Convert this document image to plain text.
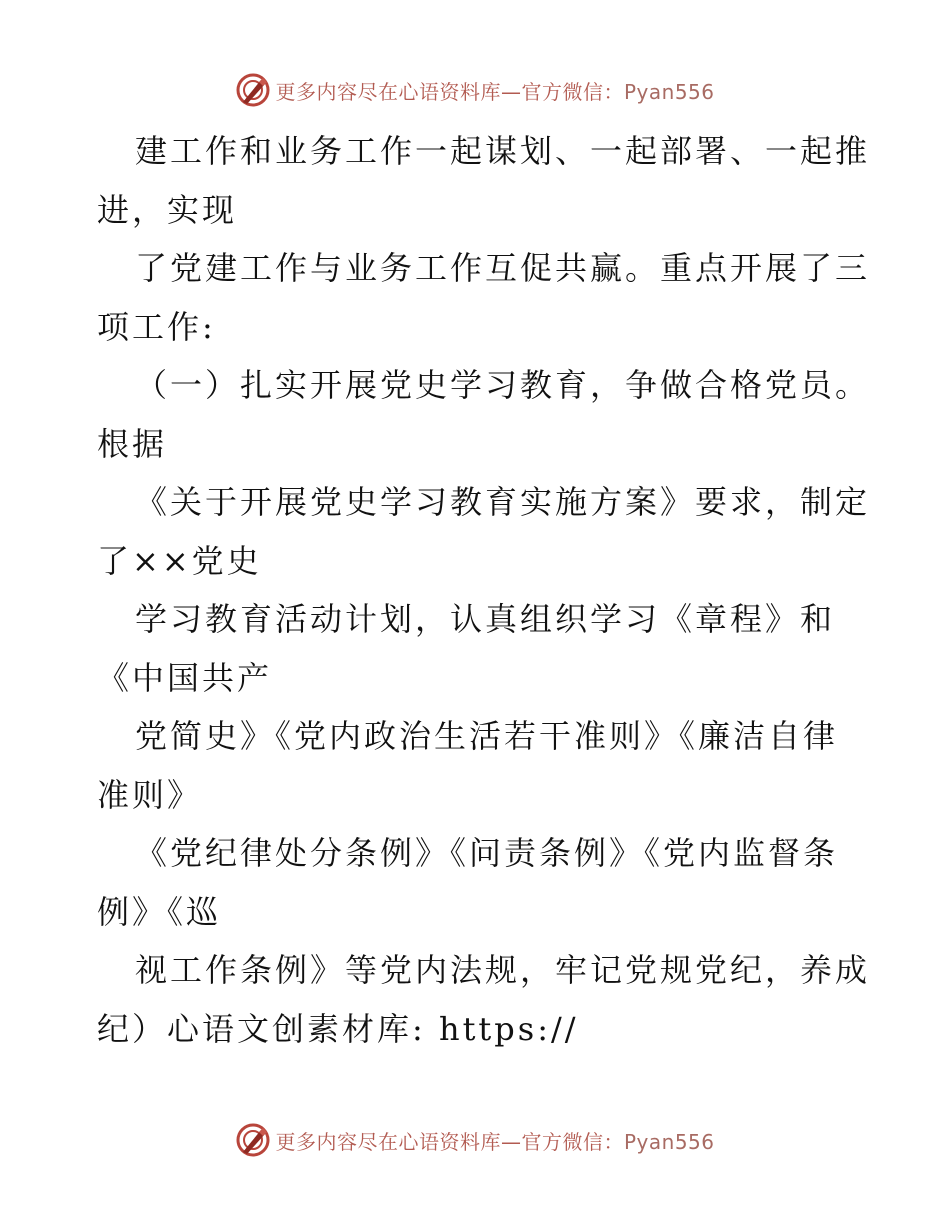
更多内容尽在心语资料库—官方微信：Pyan556
建工作和业务工作一起谋划、一起部署、一起推
进，实现
了党建工作与业务工作互促共赢。重点开展了三
项工作:
（一）扎实开展党史学习教育，争做合格党员。
根据
《关于开展党史学习教育实施方案》要求，制定
了××党史
学习教育活动计划，认真组织学习《章程》和
《中国共产
党简史》《党内政治生活若干准则》《廉洁自律
准则》
《党纪律处分条例》《问责条例》《党内监督条
例》《巡
视工作条例》等党内法规，牢记党规党纪，养成
纪）心语文创素材库: https://
更多内容尽在心语资料库—官方微信：Pyan556
